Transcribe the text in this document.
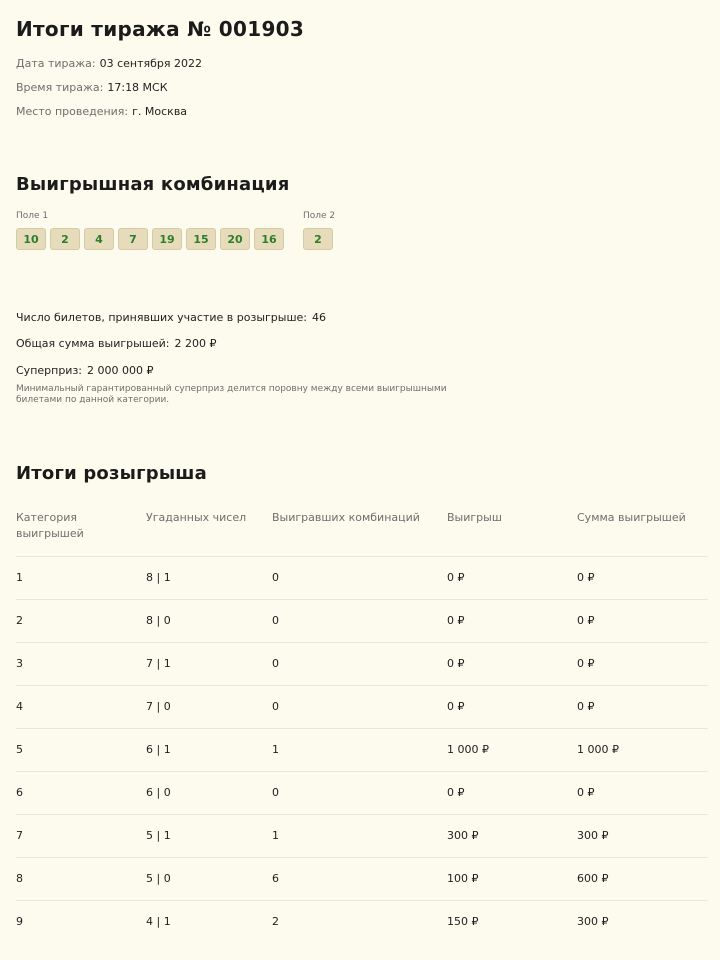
Итоги тиража № 001903
Дата тиража: 03 сентября 2022
Время тиража: 17:18 МСК
Место проведения: г. Москва
Выигрышная комбинация
Поле 1
10	2	4	7	19	15	20	16
Поле 2
2
Число билетов, принявших участие в розыгрыше: 46
Общая сумма выигрышей: 2 200 ₽
Суперприз: 2 000 000 ₽
Минимальный гарантированный суперприз делится поровну между всеми выигрышными билетами по данной категории.
Итоги розыгрыша
Категория выигрышей	Угаданных чисел	Выигравших комбинаций	Выигрыш	Сумма выигрышей
1	8 | 1	0	0 ₽	0 ₽
2	8 | 0	0	0 ₽	0 ₽
3	7 | 1	0	0 ₽	0 ₽
4	7 | 0	0	0 ₽	0 ₽
5	6 | 1	1	1 000 ₽	1 000 ₽
6	6 | 0	0	0 ₽	0 ₽
7	5 | 1	1	300 ₽	300 ₽
8	5 | 0	6	100 ₽	600 ₽
9	4 | 1	2	150 ₽	300 ₽
